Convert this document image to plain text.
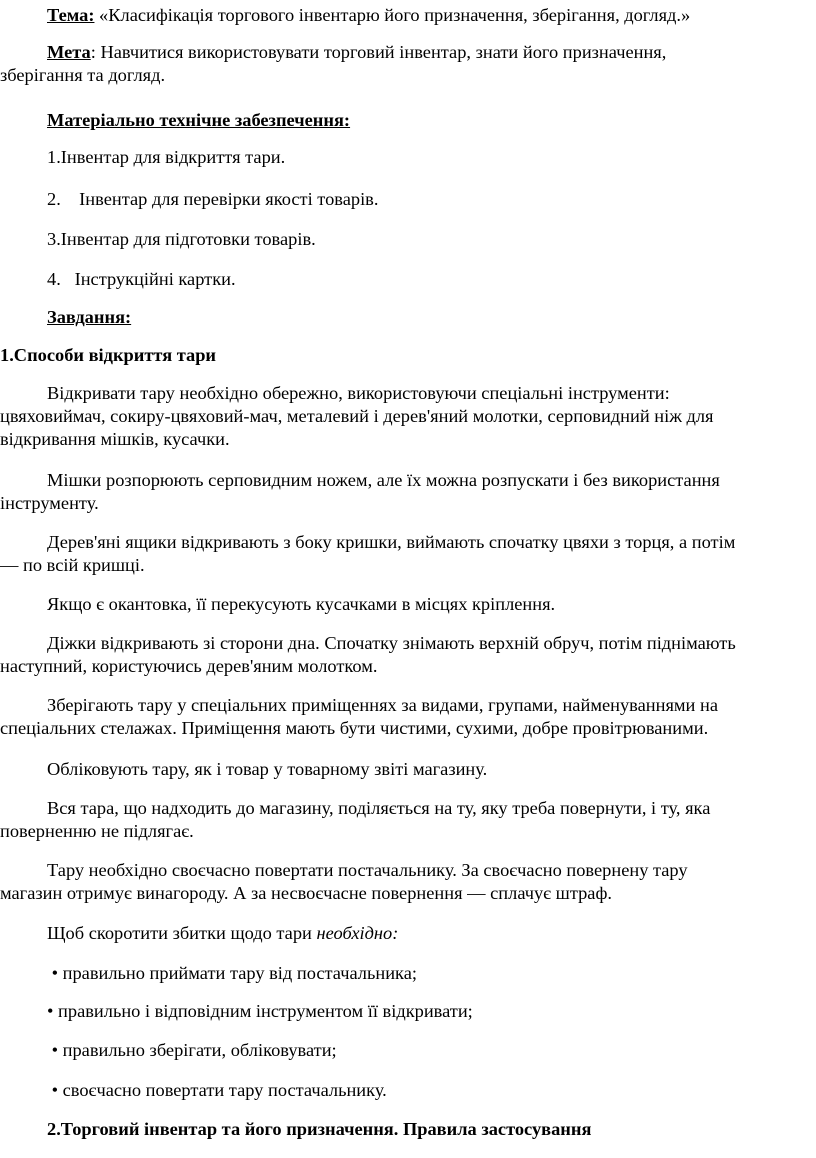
Тема: «Класифікація торгового інвентарю його призначення, зберігання, догляд.»
Мета: Навчитися використовувати торговий інвентар, знати його призначення,
зберігання та догляд.
Матеріально технічне забезпечення:
1.Інвентар для відкриття тари.
2.    Інвентар для перевірки якості товарів.
3.Інвентар для підготовки товарів.
4.   Інструкційні картки.
Завдання:
1.Способи відкриття тари
Відкривати тару необхідно обережно, використовуючи спеціальні інструменти:
цвяховиймач, сокиру-цвяховий-мач, металевий і дерев'яний молотки, серповидний ніж для
відкривання мішків, кусачки.
Мішки розпорюють серповидним ножем, але їх можна розпускати і без використання
інструменту.
Дерев'яні ящики відкривають з боку кришки, виймають спочатку цвяхи з торця, а потім
— по всій кришці.
Якщо є окантовка, її перекусують кусачками в місцях кріплення.
Діжки відкривають зі сторони дна. Спочатку знімають верхній обруч, потім піднімають
наступний, користуючись дерев'яним молотком.
Зберігають тару у спеціальних приміщеннях за видами, групами, найменуваннями на
спеціальних стелажах. Приміщення мають бути чистими, сухими, добре провітрюваними.
Обліковують тару, як і товар у товарному звіті магазину.
Вся тара, що надходить до магазину, поділяється на ту, яку треба повернути, і ту, яка
поверненню не підлягає.
Тару необхідно своєчасно повертати постачальнику. За своєчасно повернену тару
магазин отримує винагороду. А за несвоєчасне повернення — сплачує штраф.
Щоб скоротити збитки щодо тари необхідно:
• правильно приймати тару від постачальника;
• правильно і відповідним інструментом її відкривати;
• правильно зберігати, обліковувати;
• своєчасно повертати тару постачальнику.
2.Торговий інвентар та його призначення. Правила застосування
